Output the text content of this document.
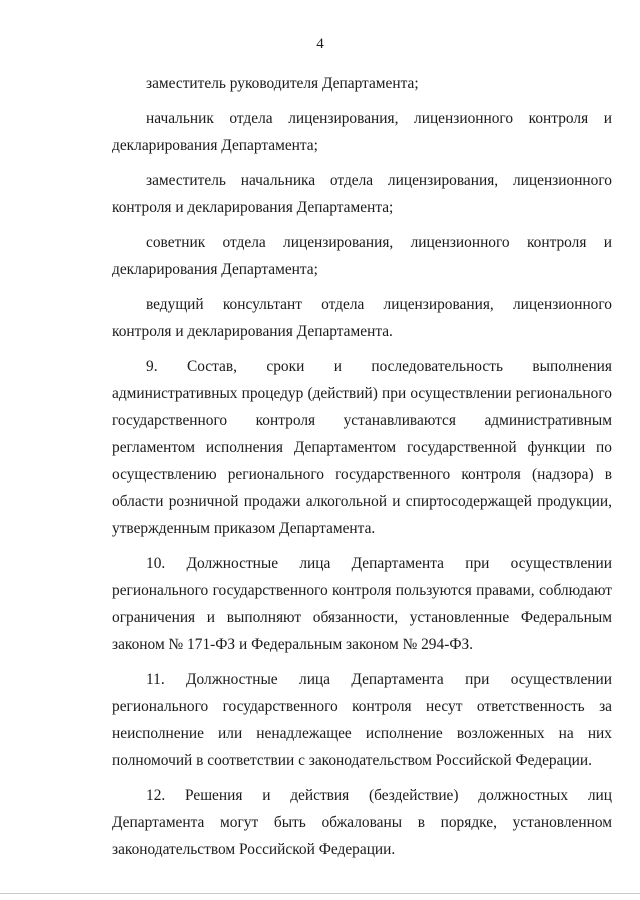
4

заместитель руководителя Департамента;

начальник отдела лицензирования, лицензионного контроля и декларирования Департамента;

заместитель начальника отдела лицензирования, лицензионного контроля и декларирования Департамента;

советник отдела лицензирования, лицензионного контроля и декларирования Департамента;

ведущий консультант отдела лицензирования, лицензионного контроля и декларирования Департамента.

9. Состав, сроки и последовательность выполнения административных процедур (действий) при осуществлении регионального государственного контроля устанавливаются административным регламентом исполнения Департаментом государственной функции по осуществлению регионального государственного контроля (надзора) в области розничной продажи алкогольной и спиртосодержащей продукции, утвержденным приказом Департамента.

10. Должностные лица Департамента при осуществлении регионального государственного контроля пользуются правами, соблюдают ограничения и выполняют обязанности, установленные Федеральным законом № 171-ФЗ и Федеральным законом № 294-ФЗ.

11. Должностные лица Департамента при осуществлении регионального государственного контроля несут ответственность за неисполнение или ненадлежащее исполнение возложенных на них полномочий в соответствии с законодательством Российской Федерации.

12. Решения и действия (бездействие) должностных лиц Департамента могут быть обжалованы в порядке, установленном законодательством Российской Федерации.
